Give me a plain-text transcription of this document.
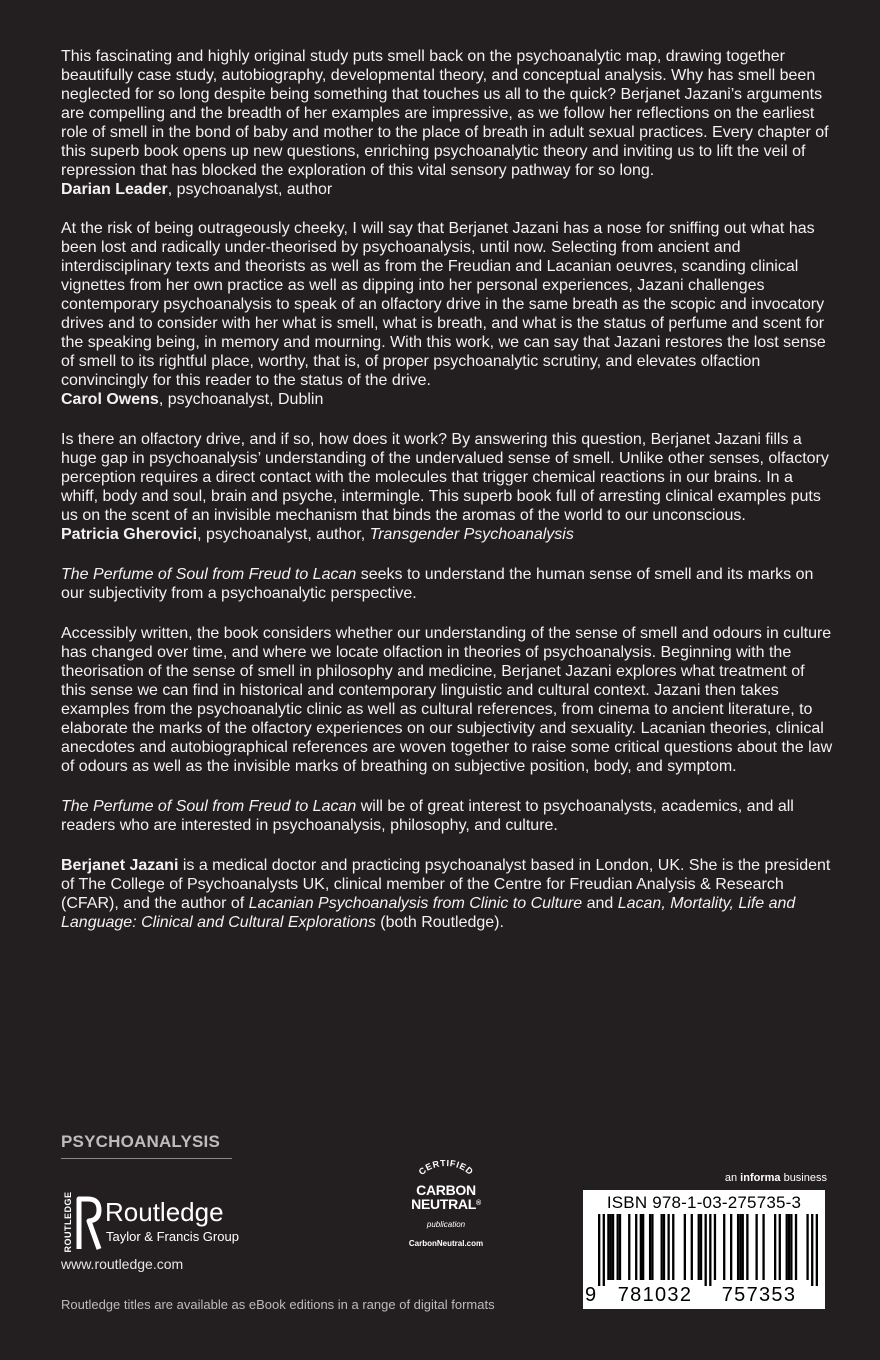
This fascinating and highly original study puts smell back on the psychoanalytic map, drawing together beautifully case study, autobiography, developmental theory, and conceptual analysis. Why has smell been neglected for so long despite being something that touches us all to the quick? Berjanet Jazani’s arguments are compelling and the breadth of her examples are impressive, as we follow her reflections on the earliest role of smell in the bond of baby and mother to the place of breath in adult sexual practices. Every chapter of this superb book opens up new questions, enriching psychoanalytic theory and inviting us to lift the veil of repression that has blocked the exploration of this vital sensory pathway for so long.
Darian Leader, psychoanalyst, author

At the risk of being outrageously cheeky, I will say that Berjanet Jazani has a nose for sniffing out what has been lost and radically under-theorised by psychoanalysis, until now. Selecting from ancient and interdisciplinary texts and theorists as well as from the Freudian and Lacanian oeuvres, scanding clinical vignettes from her own practice as well as dipping into her personal experiences, Jazani challenges contemporary psychoanalysis to speak of an olfactory drive in the same breath as the scopic and invocatory drives and to consider with her what is smell, what is breath, and what is the status of perfume and scent for the speaking being, in memory and mourning. With this work, we can say that Jazani restores the lost sense of smell to its rightful place, worthy, that is, of proper psychoanalytic scrutiny, and elevates olfaction convincingly for this reader to the status of the drive.
Carol Owens, psychoanalyst, Dublin

Is there an olfactory drive, and if so, how does it work? By answering this question, Berjanet Jazani fills a huge gap in psychoanalysis’ understanding of the undervalued sense of smell. Unlike other senses, olfactory perception requires a direct contact with the molecules that trigger chemical reactions in our brains. In a whiff, body and soul, brain and psyche, intermingle. This superb book full of arresting clinical examples puts us on the scent of an invisible mechanism that binds the aromas of the world to our unconscious.
Patricia Gherovici, psychoanalyst, author, Transgender Psychoanalysis

The Perfume of Soul from Freud to Lacan seeks to understand the human sense of smell and its marks on our subjectivity from a psychoanalytic perspective.

Accessibly written, the book considers whether our understanding of the sense of smell and odours in culture has changed over time, and where we locate olfaction in theories of psychoanalysis. Beginning with the theorisation of the sense of smell in philosophy and medicine, Berjanet Jazani explores what treatment of this sense we can find in historical and contemporary linguistic and cultural context. Jazani then takes examples from the psychoanalytic clinic as well as cultural references, from cinema to ancient literature, to elaborate the marks of the olfactory experiences on our subjectivity and sexuality. Lacanian theories, clinical anecdotes and autobiographical references are woven together to raise some critical questions about the law of odours as well as the invisible marks of breathing on subjective position, body, and symptom.

The Perfume of Soul from Freud to Lacan will be of great interest to psychoanalysts, academics, and all readers who are interested in psychoanalysis, philosophy, and culture.

Berjanet Jazani is a medical doctor and practicing psychoanalyst based in London, UK. She is the president of The College of Psychoanalysts UK, clinical member of the Centre for Freudian Analysis & Research (CFAR), and the author of Lacanian Psychoanalysis from Clinic to Culture and Lacan, Mortality, Life and Language: Clinical and Cultural Explorations (both Routledge).

PSYCHOANALYSIS
ROUTLEDGE Routledge
Taylor & Francis Group
www.routledge.com
Routledge titles are available as eBook editions in a range of digital formats
CERTIFIED
CARBON
NEUTRAL®
publication
CarbonNeutral.com
an informa business
ISBN 978-1-03-275735-3
9	781032	757353
